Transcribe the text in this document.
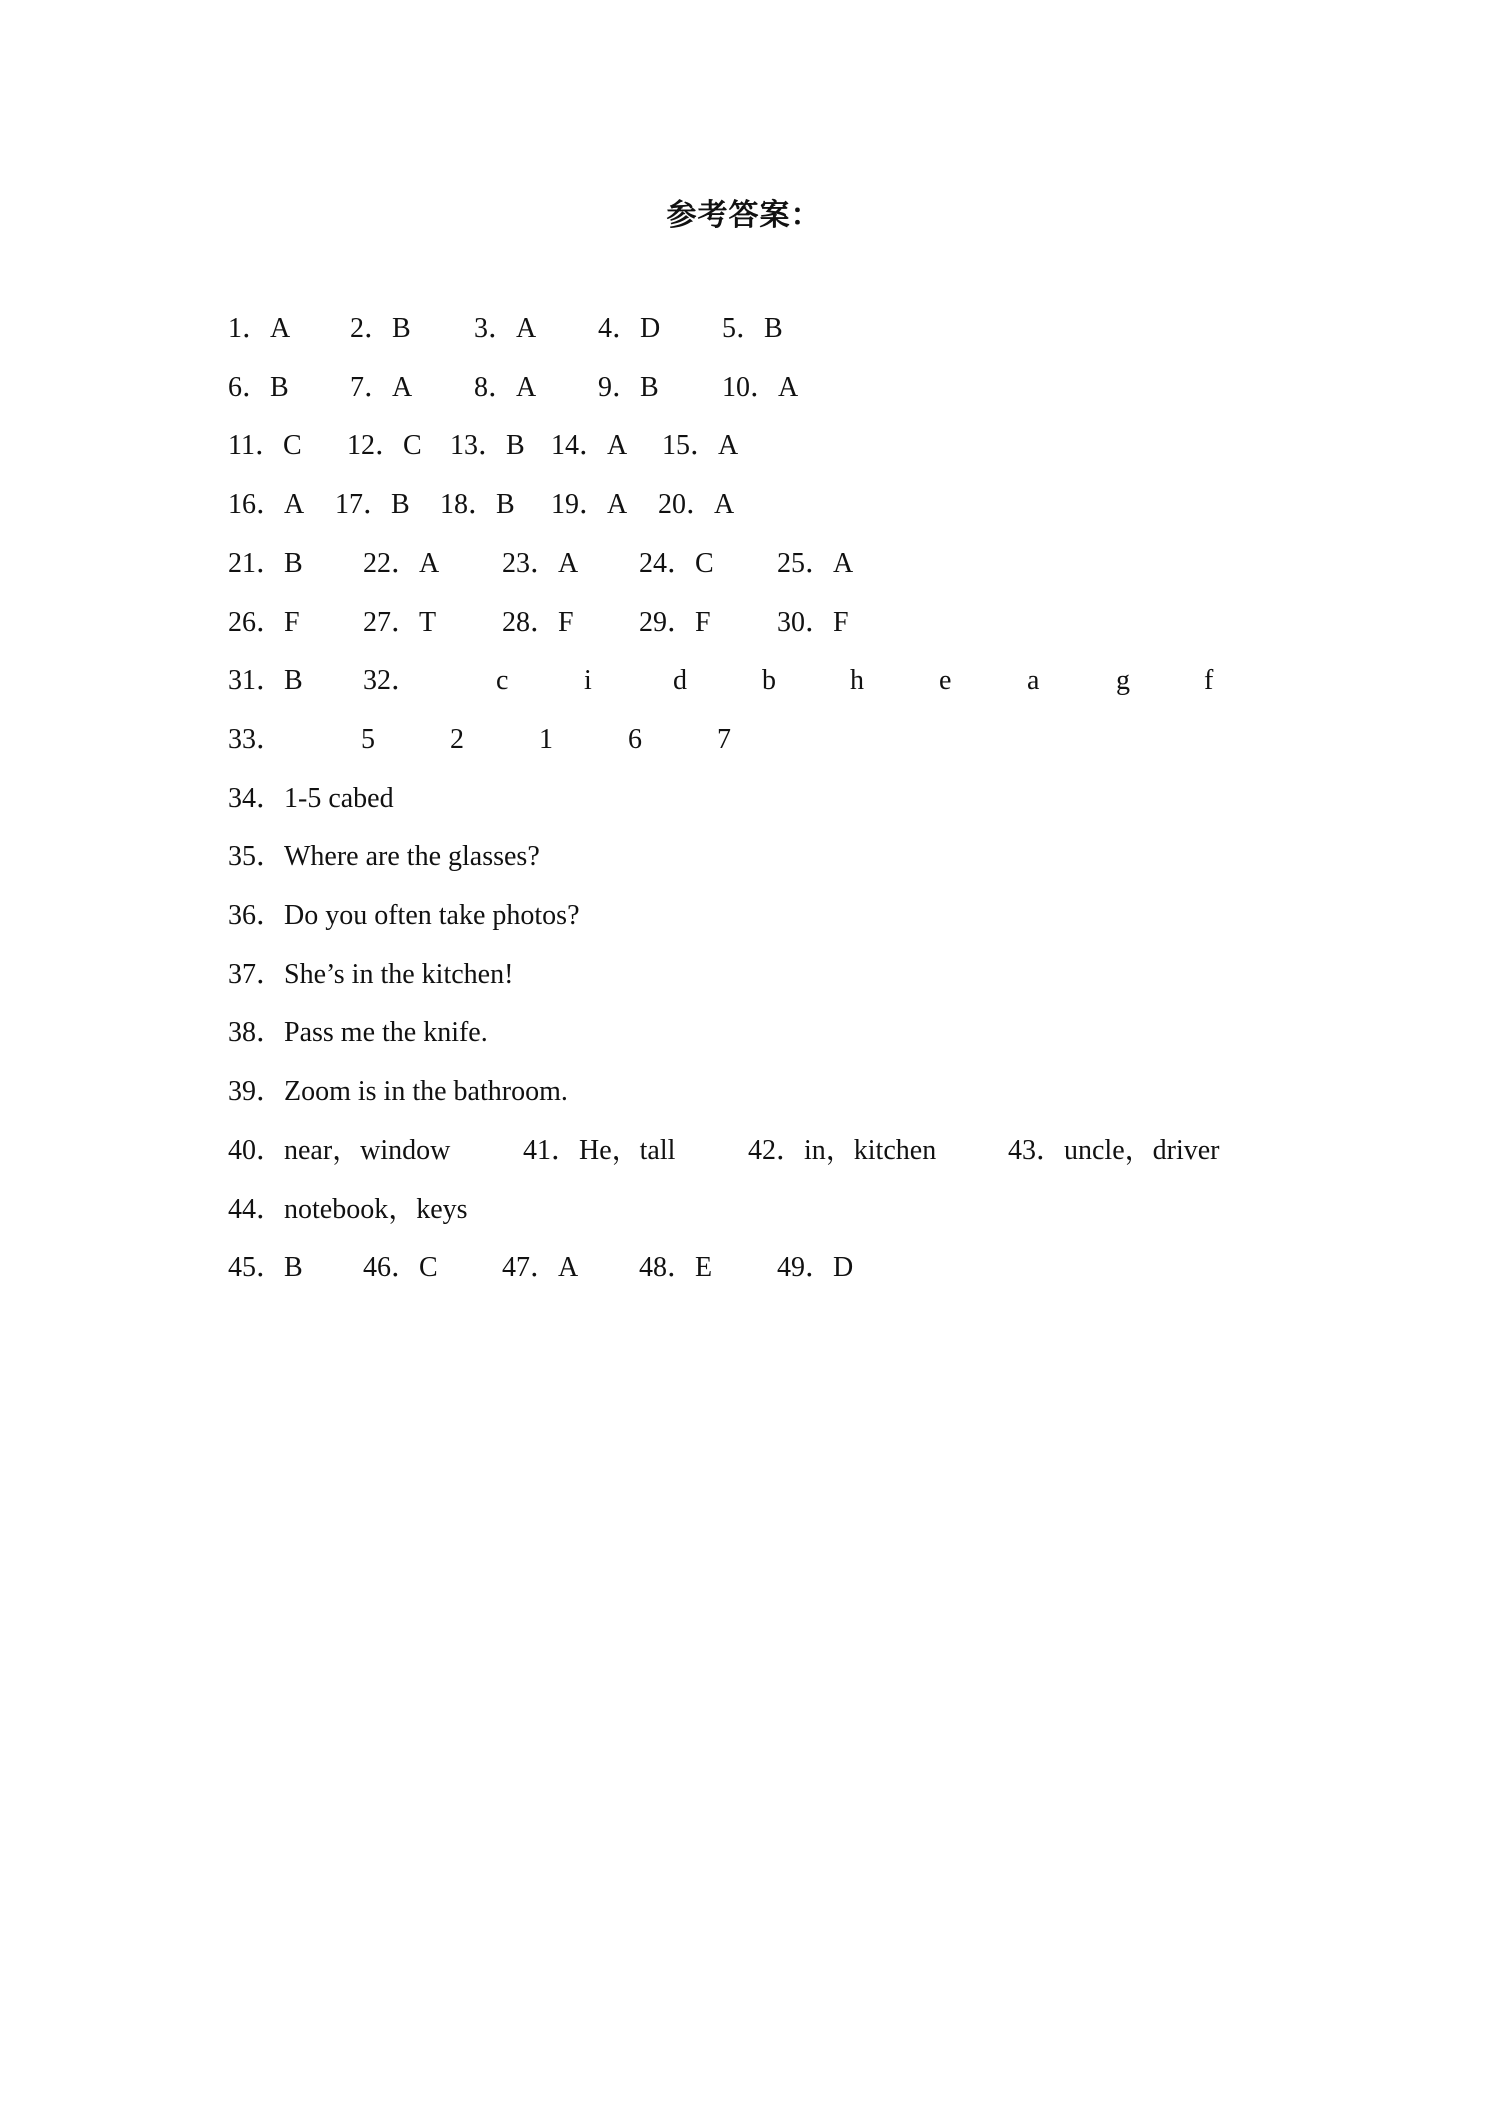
参考答案：
1．A 2．B 3．A 4．D 5．B
6．B 7．A 8．A 9．B 10．A
11．C 12．C 13．B 14．A 15．A
16．A 17．B 18．B 19．A 20．A
21．B 22．A 23．A 24．C 25．A
26．F 27．T 28．F 29．F 30．F
31．B 32．	c	i	d	b	h	e	a	g	f
33．	5	2	1	6	7
34．1-5 cabed
35．Where are the glasses?
36．Do you often take photos?
37．She’s in the kitchen!
38．Pass me the knife.
39．Zoom is in the bathroom.
40．near，window	41．He，tall	42．in，kitchen	43．uncle，driver
44．notebook，keys
45．B 46．C 47．A 48．E 49．D
